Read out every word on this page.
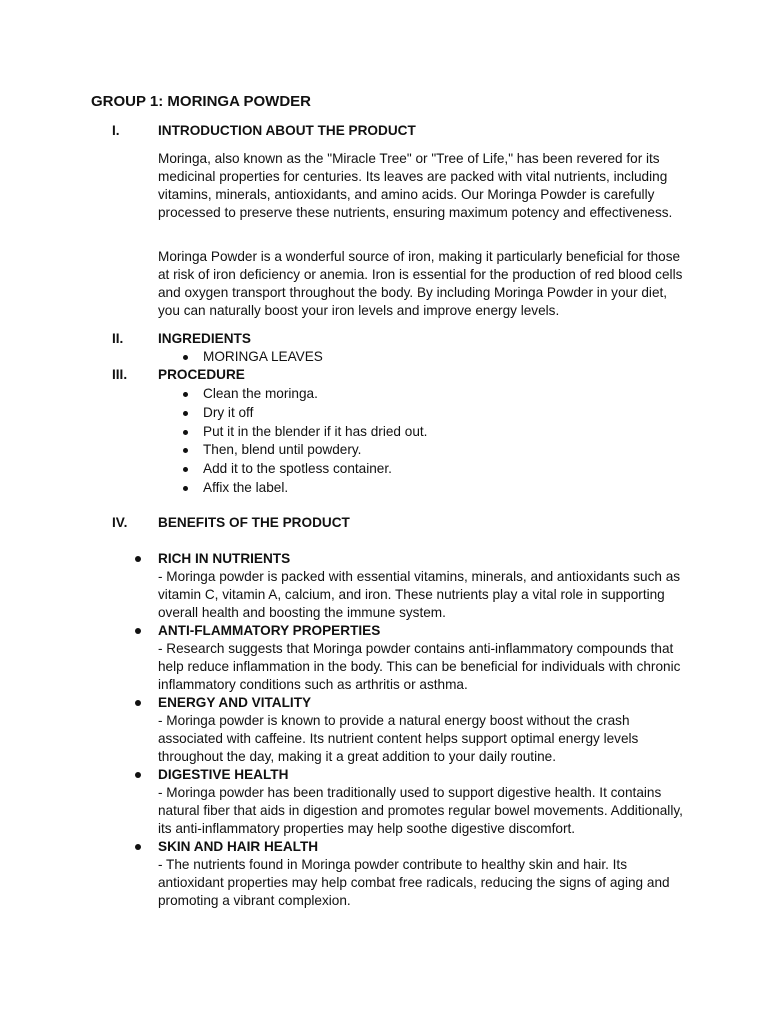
GROUP 1: MORINGA POWDER
I.	INTRODUCTION ABOUT THE PRODUCT

Moringa, also known as the "Miracle Tree" or "Tree of Life," has been revered for its medicinal properties for centuries. Its leaves are packed with vital nutrients, including vitamins, minerals, antioxidants, and amino acids. Our Moringa Powder is carefully processed to preserve these nutrients, ensuring maximum potency and effectiveness.

Moringa Powder is a wonderful source of iron, making it particularly beneficial for those at risk of iron deficiency or anemia. Iron is essential for the production of red blood cells and oxygen transport throughout the body. By including Moringa Powder in your diet, you can naturally boost your iron levels and improve energy levels.

II.	INGREDIENTS
MORINGA LEAVES
III. PROCEDURE
Clean the moringa.
Dry it off
Put it in the blender if it has dried out.
Then, blend until powdery.
Add it to the spotless container.
Affix the label.
IV. BENEFITS OF THE PRODUCT
RICH IN NUTRIENTS
- Moringa powder is packed with essential vitamins, minerals, and antioxidants such as vitamin C, vitamin A, calcium, and iron. These nutrients play a vital role in supporting overall health and boosting the immune system.
ANTI-FLAMMATORY PROPERTIES
- Research suggests that Moringa powder contains anti-inflammatory compounds that help reduce inflammation in the body. This can be beneficial for individuals with chronic inflammatory conditions such as arthritis or asthma.
ENERGY AND VITALITY
- Moringa powder is known to provide a natural energy boost without the crash associated with caffeine. Its nutrient content helps support optimal energy levels throughout the day, making it a great addition to your daily routine.
DIGESTIVE HEALTH
- Moringa powder has been traditionally used to support digestive health. It contains natural fiber that aids in digestion and promotes regular bowel movements. Additionally, its anti-inflammatory properties may help soothe digestive discomfort.
SKIN AND HAIR HEALTH
- The nutrients found in Moringa powder contribute to healthy skin and hair. Its antioxidant properties may help combat free radicals, reducing the signs of aging and promoting a vibrant complexion.
